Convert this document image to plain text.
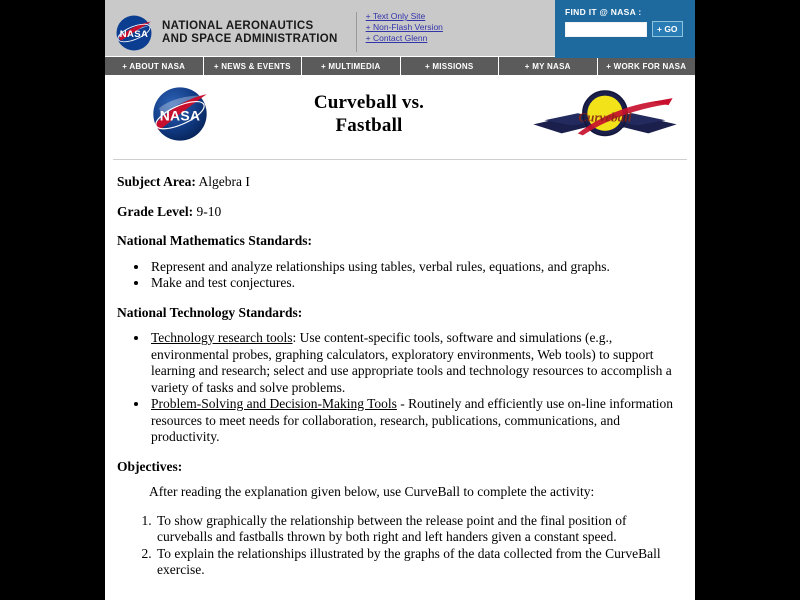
NASA
NATIONAL AERONAUTICS
AND SPACE ADMINISTRATION
+ Text Only Site
+ Non-Flash Version
+ Contact Glenn
FIND IT @ NASA :
+ GO
+ ABOUT NASA	+ NEWS & EVENTS	+ MULTIMEDIA	+ MISSIONS	+ MY NASA	+ WORK FOR NASA
NASA
Curveball vs.
Fastball	Curveball

Subject Area: Algebra I

Grade Level: 9-10

National Mathematics Standards:

• Represent and analyze relationships using tables, verbal rules, equations, and graphs.
• Make and test conjectures.

National Technology Standards:

• Technology research tools: Use content-specific tools, software and simulations (e.g., environmental probes, graphing calculators, exploratory environments, Web tools) to support learning and research; select and use appropriate tools and technology resources to accomplish a variety of tasks and solve problems.
• Problem-Solving and Decision-Making Tools - Routinely and efficiently use on-line information resources to meet needs for collaboration, research, publications, communications, and productivity.

Objectives:

After reading the explanation given below, use CurveBall to complete the activity:

1. To show graphically the relationship between the release point and the final position of curveballs and fastballs thrown by both right and left handers given a constant speed.
2. To explain the relationships illustrated by the graphs of the data collected from the CurveBall exercise.
